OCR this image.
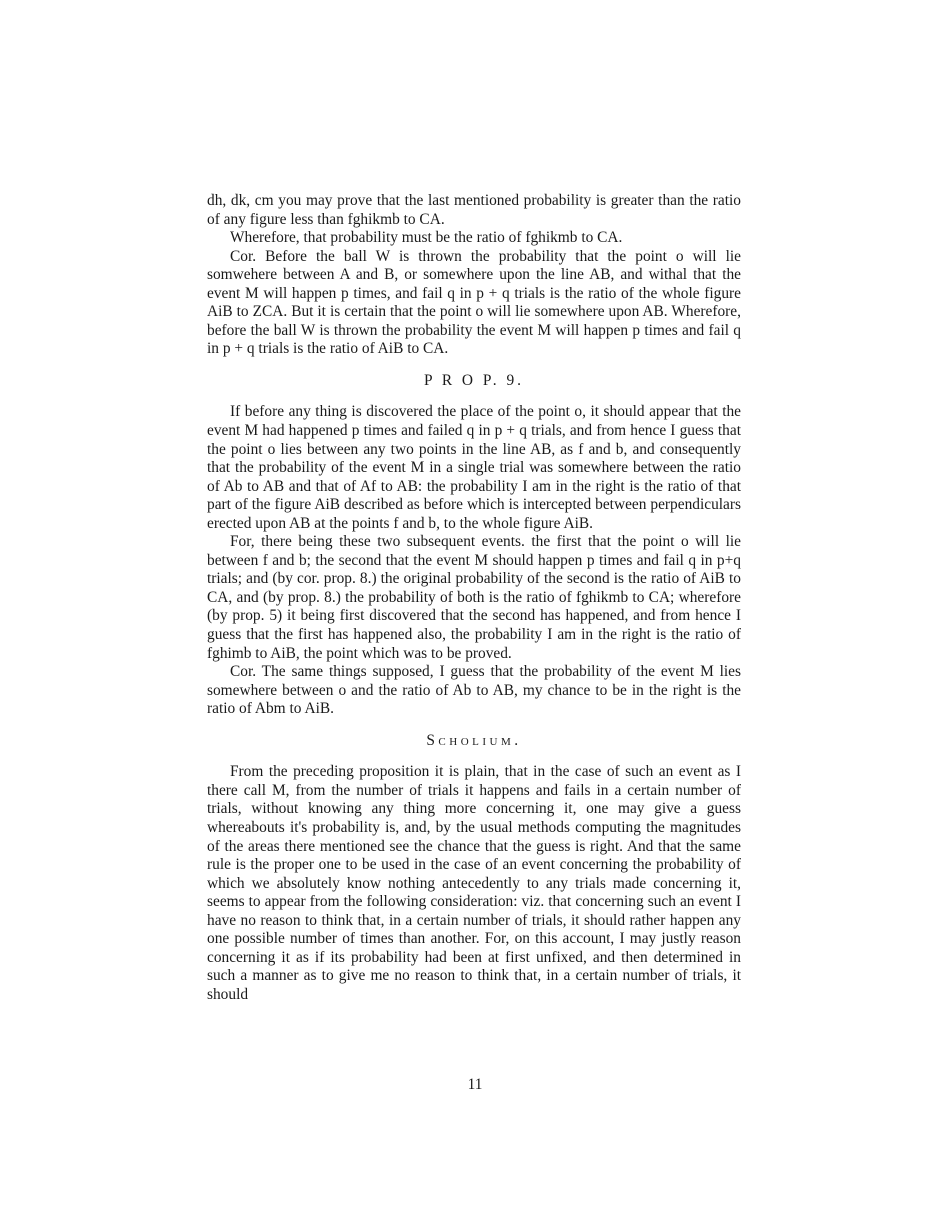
dh, dk, cm you may prove that the last mentioned probability is greater than the ratio of any figure less than fghikmb to CA.

Wherefore, that probability must be the ratio of fghikmb to CA.

Cor. Before the ball W is thrown the probability that the point o will lie somwehere between A and B, or somewhere upon the line AB, and withal that the event M will happen p times, and fail q in p + q trials is the ratio of the whole figure AiB to ZCA. But it is certain that the point o will lie somewhere upon AB. Wherefore, before the ball W is thrown the probability the event M will happen p times and fail q in p + q trials is the ratio of AiB to CA.

P R O P. 9.

If before any thing is discovered the place of the point o, it should appear that the event M had happened p times and failed q in p + q trials, and from hence I guess that the point o lies between any two points in the line AB, as f and b, and consequently that the probability of the event M in a single trial was somewhere between the ratio of Ab to AB and that of Af to AB: the probability I am in the right is the ratio of that part of the figure AiB described as before which is intercepted between perpendiculars erected upon AB at the points f and b, to the whole figure AiB.

For, there being these two subsequent events. the first that the point o will lie between f and b; the second that the event M should happen p times and fail q in p+q trials; and (by cor. prop. 8.) the original probability of the second is the ratio of AiB to CA, and (by prop. 8.) the probability of both is the ratio of fghikmb to CA; wherefore (by prop. 5) it being first discovered that the second has happened, and from hence I guess that the first has happened also, the probability I am in the right is the ratio of fghimb to AiB, the point which was to be proved.

Cor. The same things supposed, I guess that the probability of the event M lies somewhere between o and the ratio of Ab to AB, my chance to be in the right is the ratio of Abm to AiB.

Scholium.

From the preceding proposition it is plain, that in the case of such an event as I there call M, from the number of trials it happens and fails in a certain number of trials, without knowing any thing more concerning it, one may give a guess whereabouts it's probability is, and, by the usual methods computing the magnitudes of the areas there mentioned see the chance that the guess is right. And that the same rule is the proper one to be used in the case of an event concerning the probability of which we absolutely know nothing antecedently to any trials made concerning it, seems to appear from the following consideration: viz. that concerning such an event I have no reason to think that, in a certain number of trials, it should rather happen any one possible number of times than another. For, on this account, I may justly reason concerning it as if its probability had been at first unfixed, and then determined in such a manner as to give me no reason to think that, in a certain number of trials, it should

11
